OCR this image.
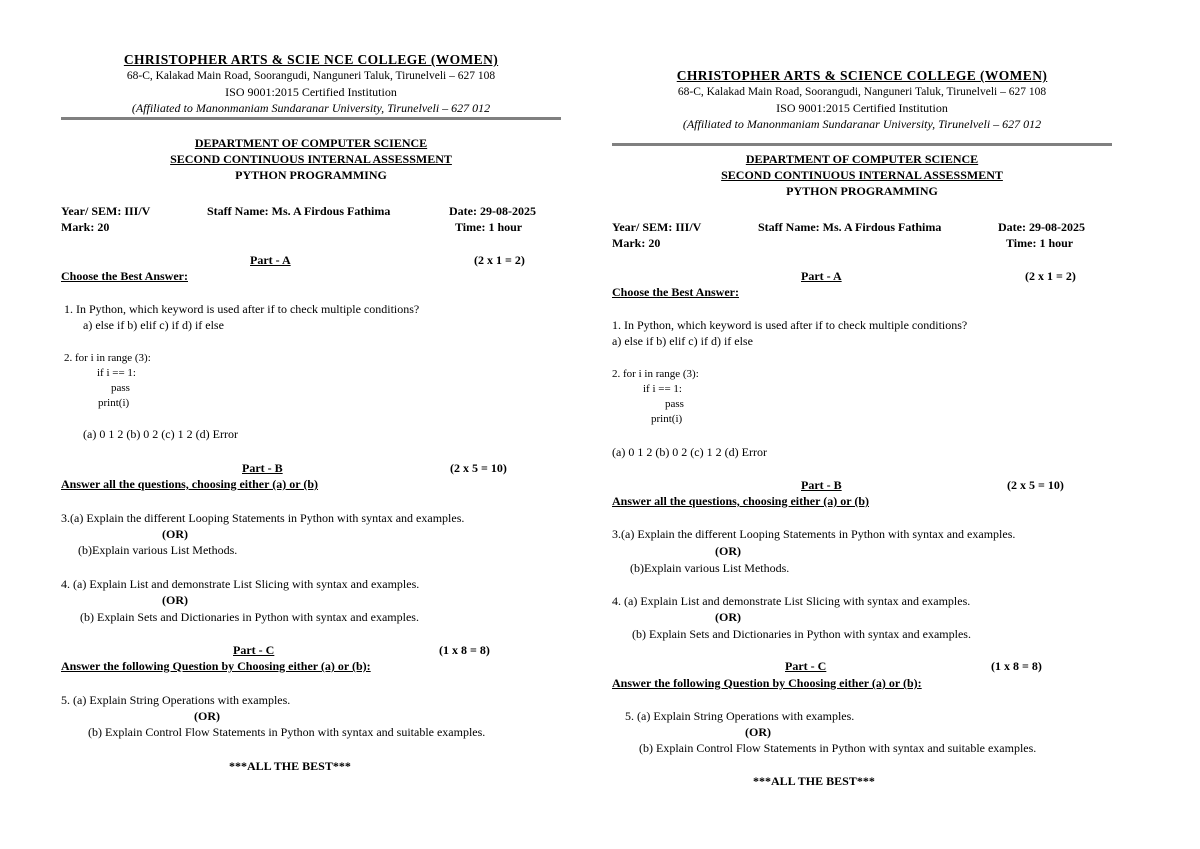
CHRISTOPHER ARTS & SCIE NCE COLLEGE (WOMEN)
68-C, Kalakad Main Road, Soorangudi, Nanguneri Taluk, Tirunelveli – 627 108
ISO 9001:2015 Certified Institution
(Affiliated to Manonmaniam Sundaranar University, Tirunelveli – 627 012
DEPARTMENT OF COMPUTER SCIENCE
SECOND CONTINUOUS INTERNAL ASSESSMENT
PYTHON PROGRAMMING
Year/ SEM: III/V	Staff Name: Ms. A Firdous Fathima	Date: 29-08-2025
Mark: 20	Time: 1 hour
Part - A	(2 x 1 = 2)
Choose the Best Answer:
1. In Python, which keyword is used after if to check multiple conditions?
a) else if b) elif c) if d) if else
2. for i in range (3):
if i == 1:
pass
print(i)
(a) 0 1 2 (b) 0 2 (c) 1 2 (d) Error
Part - B	(2 x 5 = 10)
Answer all the questions, choosing either (a) or (b)
3.(a) Explain the different Looping Statements in Python with syntax and examples.
(OR)
(b)Explain various List Methods.
4. (a) Explain List and demonstrate List Slicing with syntax and examples.
(OR)
(b) Explain Sets and Dictionaries in Python with syntax and examples.
Part - C	(1 x 8 = 8)
Answer the following Question by Choosing either (a) or (b):
5. (a) Explain String Operations with examples.
(OR)
(b) Explain Control Flow Statements in Python with syntax and suitable examples.
***ALL THE BEST***
CHRISTOPHER ARTS & SCIENCE COLLEGE (WOMEN)
68-C, Kalakad Main Road, Soorangudi, Nanguneri Taluk, Tirunelveli – 627 108
ISO 9001:2015 Certified Institution
(Affiliated to Manonmaniam Sundaranar University, Tirunelveli – 627 012
DEPARTMENT OF COMPUTER SCIENCE
SECOND CONTINUOUS INTERNAL ASSESSMENT
PYTHON PROGRAMMING
Year/ SEM: III/V	Staff Name: Ms. A Firdous Fathima	Date: 29-08-2025
Mark: 20	Time: 1 hour
Part - A	(2 x 1 = 2)
Choose the Best Answer:
1. In Python, which keyword is used after if to check multiple conditions?
a) else if b) elif c) if d) if else
2. for i in range (3):
if i == 1:
pass
print(i)
(a) 0 1 2 (b) 0 2 (c) 1 2 (d) Error
Part - B	(2 x 5 = 10)
Answer all the questions, choosing either (a) or (b)
3.(a) Explain the different Looping Statements in Python with syntax and examples.
(OR)
(b)Explain various List Methods.
4. (a) Explain List and demonstrate List Slicing with syntax and examples.
(OR)
(b) Explain Sets and Dictionaries in Python with syntax and examples.
Part - C	(1 x 8 = 8)
Answer the following Question by Choosing either (a) or (b):
5. (a) Explain String Operations with examples.
(OR)
(b) Explain Control Flow Statements in Python with syntax and suitable examples.
***ALL THE BEST***
